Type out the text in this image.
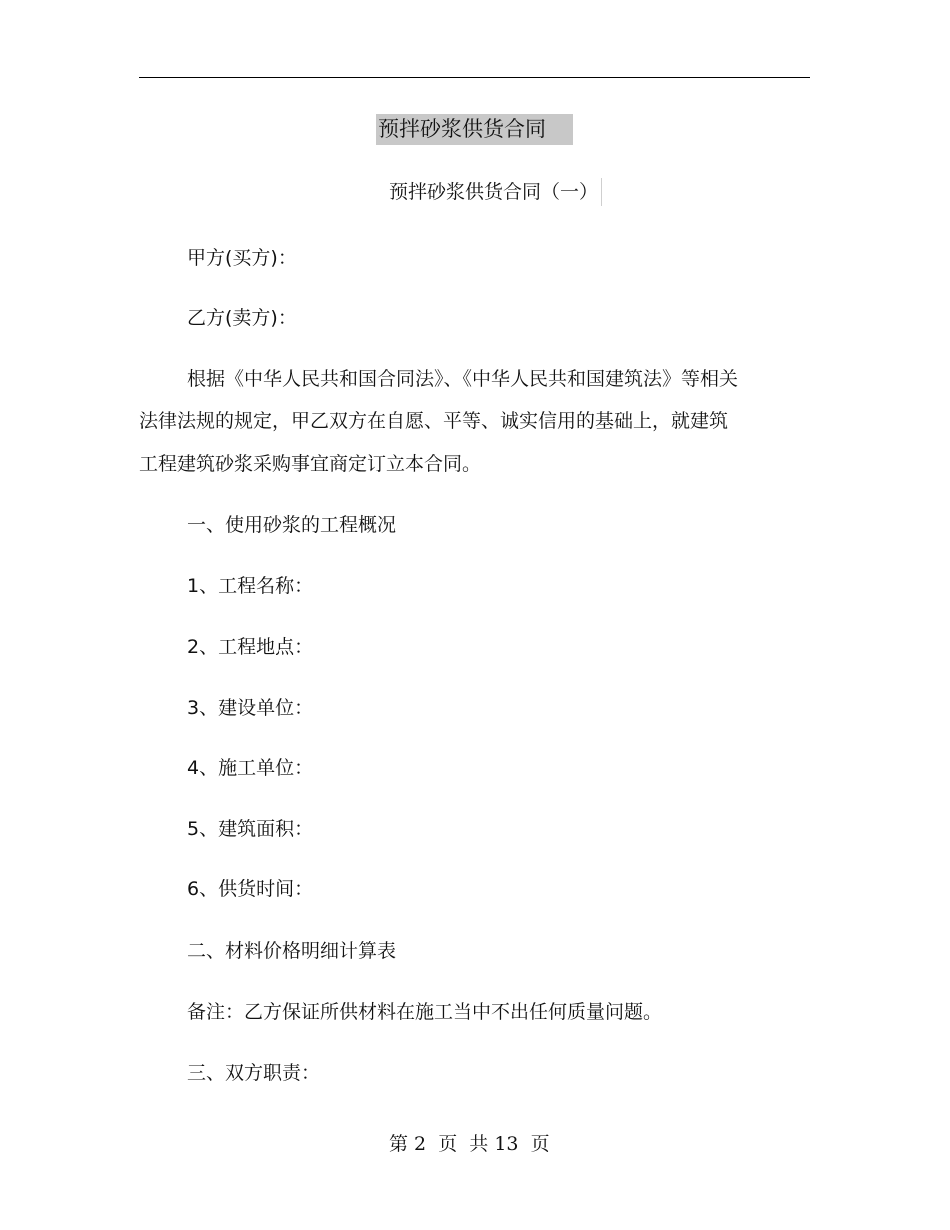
预拌砂浆供货合同
预拌砂浆供货合同（一）
甲方(买方)：
乙方(卖方)：
根据《中华人民共和国合同法》、《中华人民共和国建筑法》等相关
法律法规的规定，甲乙双方在自愿、平等、诚实信用的基础上，就建筑
工程建筑砂浆采购事宜商定订立本合同。
一、使用砂浆的工程概况
1、工程名称：
2、工程地点：
3、建设单位：
4、施工单位：
5、建筑面积：
6、供货时间：
二、材料价格明细计算表
备注：乙方保证所供材料在施工当中不出任何质量问题。
三、双方职责：
第 2  页  共 13  页
